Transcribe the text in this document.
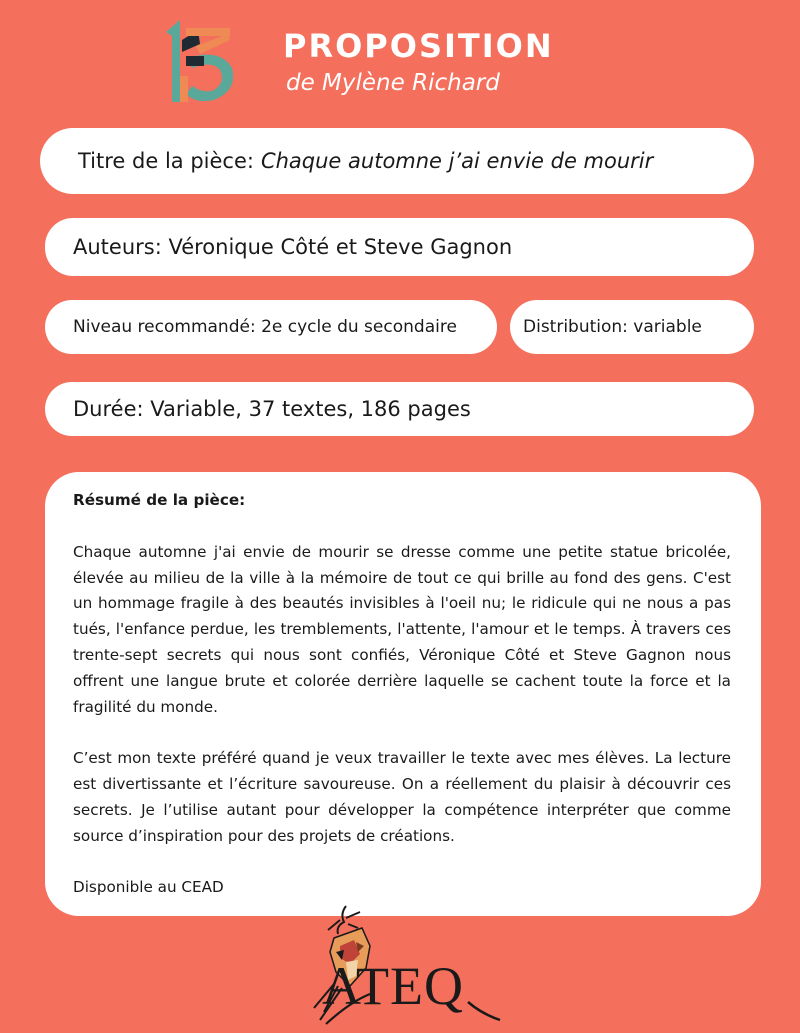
PROPOSITION
de Mylène Richard
Titre de la pièce: Chaque automne j’ai envie de mourir
Auteurs: Véronique Côté et Steve Gagnon
Niveau recommandé: 2e cycle du secondaire	Distribution: variable
Durée: Variable, 37 textes, 186 pages
Résumé de la pièce:

Chaque automne j'ai envie de mourir se dresse comme une petite statue bricolée, élevée au milieu de la ville à la mémoire de tout ce qui brille au fond des gens. C'est un hommage fragile à des beautés invisibles à l'oeil nu; le ridicule qui ne nous a pas tués, l'enfance perdue, les tremblements, l'attente, l'amour et le temps. À travers ces trente-sept secrets qui nous sont confiés, Véronique Côté et Steve Gagnon nous offrent une langue brute et colorée derrière laquelle se cachent toute la force et la fragilité du monde.

C’est mon texte préféré quand je veux travailler le texte avec mes élèves. La lecture est divertissante et l’écriture savoureuse. On a réellement du plaisir à découvrir ces secrets. Je l’utilise autant pour développer la compétence interpréter que comme source d’inspiration pour des projets de créations.

Disponible au CEAD

ATEQ
